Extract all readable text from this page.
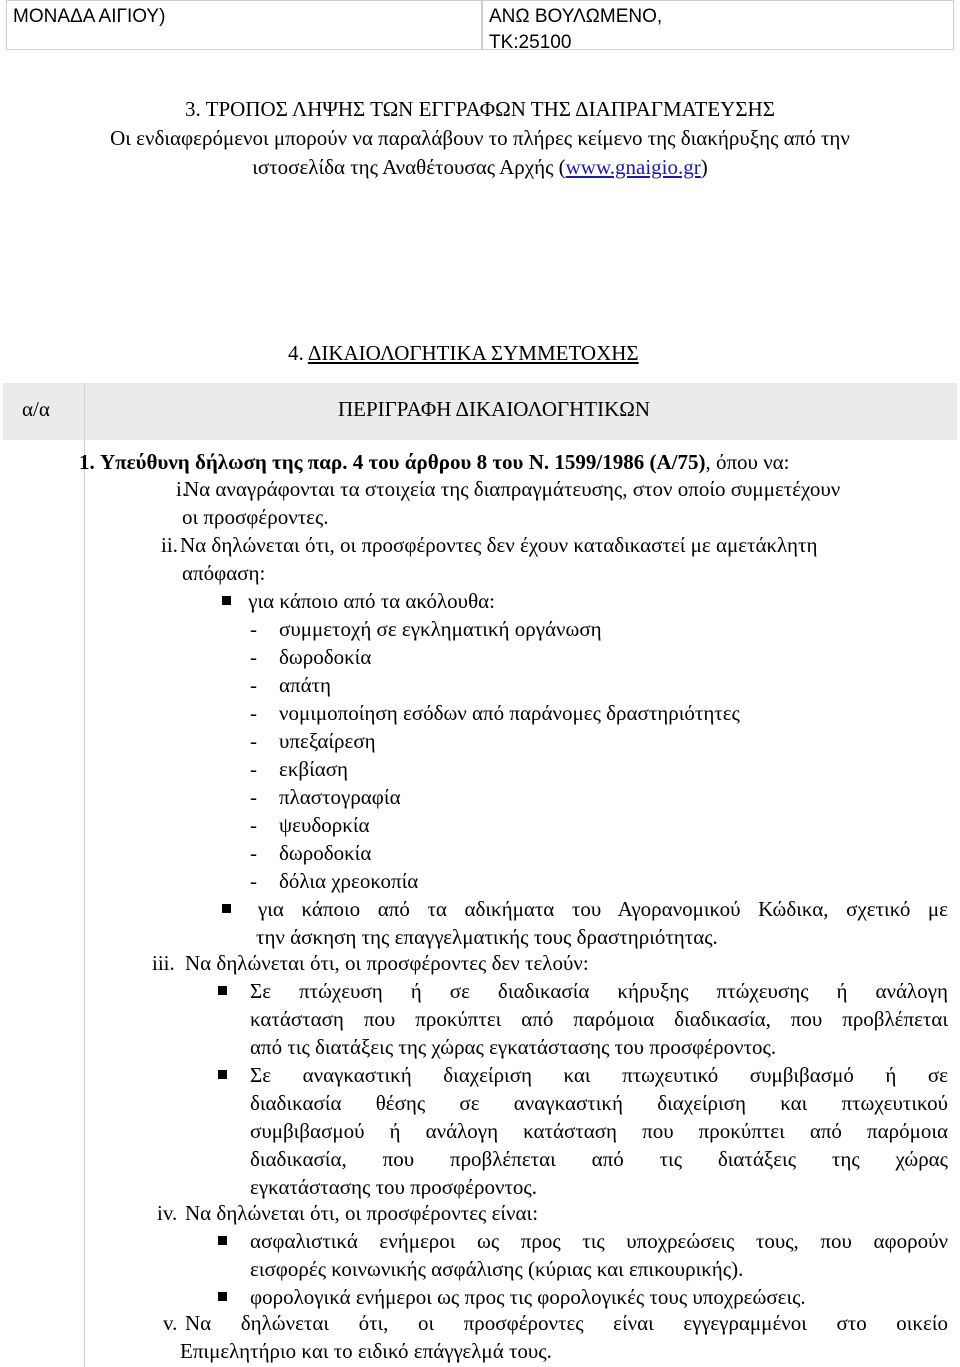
ΜΟΝΑΔΑ ΑΙΓΙΟΥ)	ΑΝΩ ΒΟΥΛΩΜΕΝΟ,
ΤΚ:25100
3. ΤΡΟΠΟΣ ΛΗΨΗΣ ΤΩΝ ΕΓΓΡΑΦΩΝ ΤΗΣ ΔΙΑΠΡΑΓΜΑΤΕΥΣΗΣ
Οι ενδιαφερόμενοι μπορούν να παραλάβουν το πλήρες κείμενο της διακήρυξης από την
ιστοσελίδα της Αναθέτουσας Αρχής (www.gnaigio.gr)
4. ΔΙΚΑΙΟΛΟΓΗΤΙΚΑ ΣΥΜΜΕΤΟΧΗΣ
α/α	ΠΕΡΙΓΡΑΦΗ ΔΙΚΑΙΟΛΟΓΗΤΙΚΩΝ
1. Υπεύθυνη δήλωση της παρ. 4 του άρθρου 8 του Ν. 1599/1986 (Α/75), όπου να:
i.
Να αναγράφονται τα στοιχεία της διαπραγμάτευσης, στον οποίο συμμετέχουν
οι προσφέροντες.
ii. Να δηλώνεται ότι, οι προσφέροντες δεν έχουν καταδικαστεί με αμετάκλητη
απόφαση:
για κάποιο από τα ακόλουθα:
- συμμετοχή σε εγκληματική οργάνωση
- δωροδοκία
- απάτη
- νομιμοποίηση εσόδων από παράνομες δραστηριότητες
- υπεξαίρεση
- εκβίαση
- πλαστογραφία
- ψευδορκία
- δωροδοκία
- δόλια χρεοκοπία
για κάποιο από τα αδικήματα του Αγορανομικού Κώδικα, σχετικό με
την άσκηση της επαγγελματικής τους δραστηριότητας.
iii. Να δηλώνεται ότι, οι προσφέροντες δεν τελούν:
Σε πτώχευση ή σε διαδικασία κήρυξης πτώχευσης ή ανάλογη
κατάσταση που προκύπτει από παρόμοια διαδικασία, που προβλέπεται
από τις διατάξεις της χώρας εγκατάστασης του προσφέροντος.
Σε αναγκαστική διαχείριση και πτωχευτικό συμβιβασμό ή σε
διαδικασία θέσης σε αναγκαστική διαχείριση και πτωχευτικού
συμβιβασμού ή ανάλογη κατάσταση που προκύπτει από παρόμοια
διαδικασία, που προβλέπεται από τις διατάξεις της χώρας
εγκατάστασης του προσφέροντος.
iv. Να δηλώνεται ότι, οι προσφέροντες είναι:
ασφαλιστικά ενήμεροι ως προς τις υποχρεώσεις τους, που αφορούν
εισφορές κοινωνικής ασφάλισης (κύριας και επικουρικής).
φορολογικά ενήμεροι ως προς τις φορολογικές τους υποχρεώσεις.
v. Να δηλώνεται ότι, οι προσφέροντες είναι εγγεγραμμένοι στο οικείο
Επιμελητήριο και το ειδικό επάγγελμά τους.
